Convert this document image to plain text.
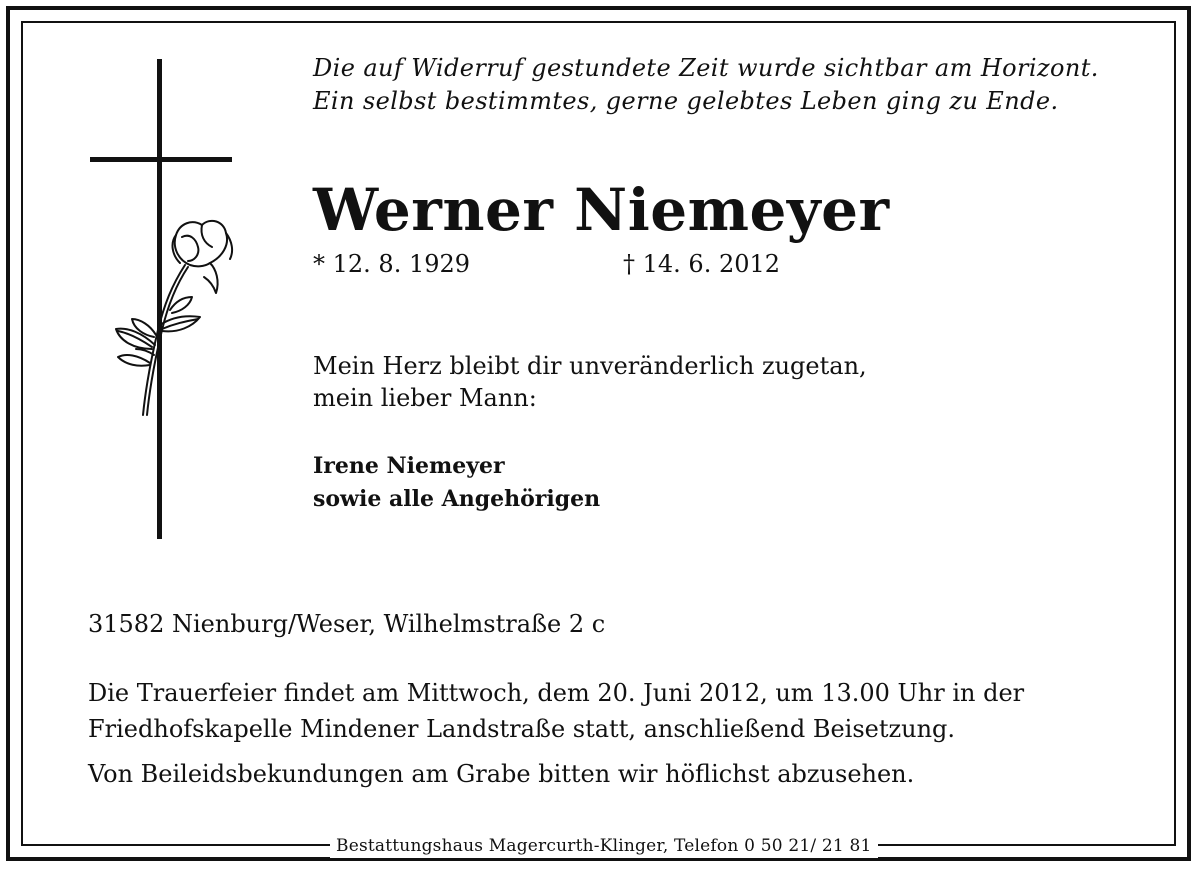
Die auf Widerruf gestundete Zeit wurde sichtbar am Horizont.
Ein selbst bestimmtes, gerne gelebtes Leben ging zu Ende.
Werner Niemeyer
* 12. 8. 1929	† 14. 6. 2012
Mein Herz bleibt dir unveränderlich zugetan,
mein lieber Mann:
Irene Niemeyer
sowie alle Angehörigen
31582 Nienburg/Weser, Wilhelmstraße 2 c
Die Trauerfeier findet am Mittwoch, dem 20. Juni 2012, um 13.00 Uhr in der
Friedhofskapelle Mindener Landstraße statt, anschließend Beisetzung.
Von Beileidsbekundungen am Grabe bitten wir höflichst abzusehen.
Bestattungshaus Magercurth-Klinger, Telefon 0 50 21/ 21 81
